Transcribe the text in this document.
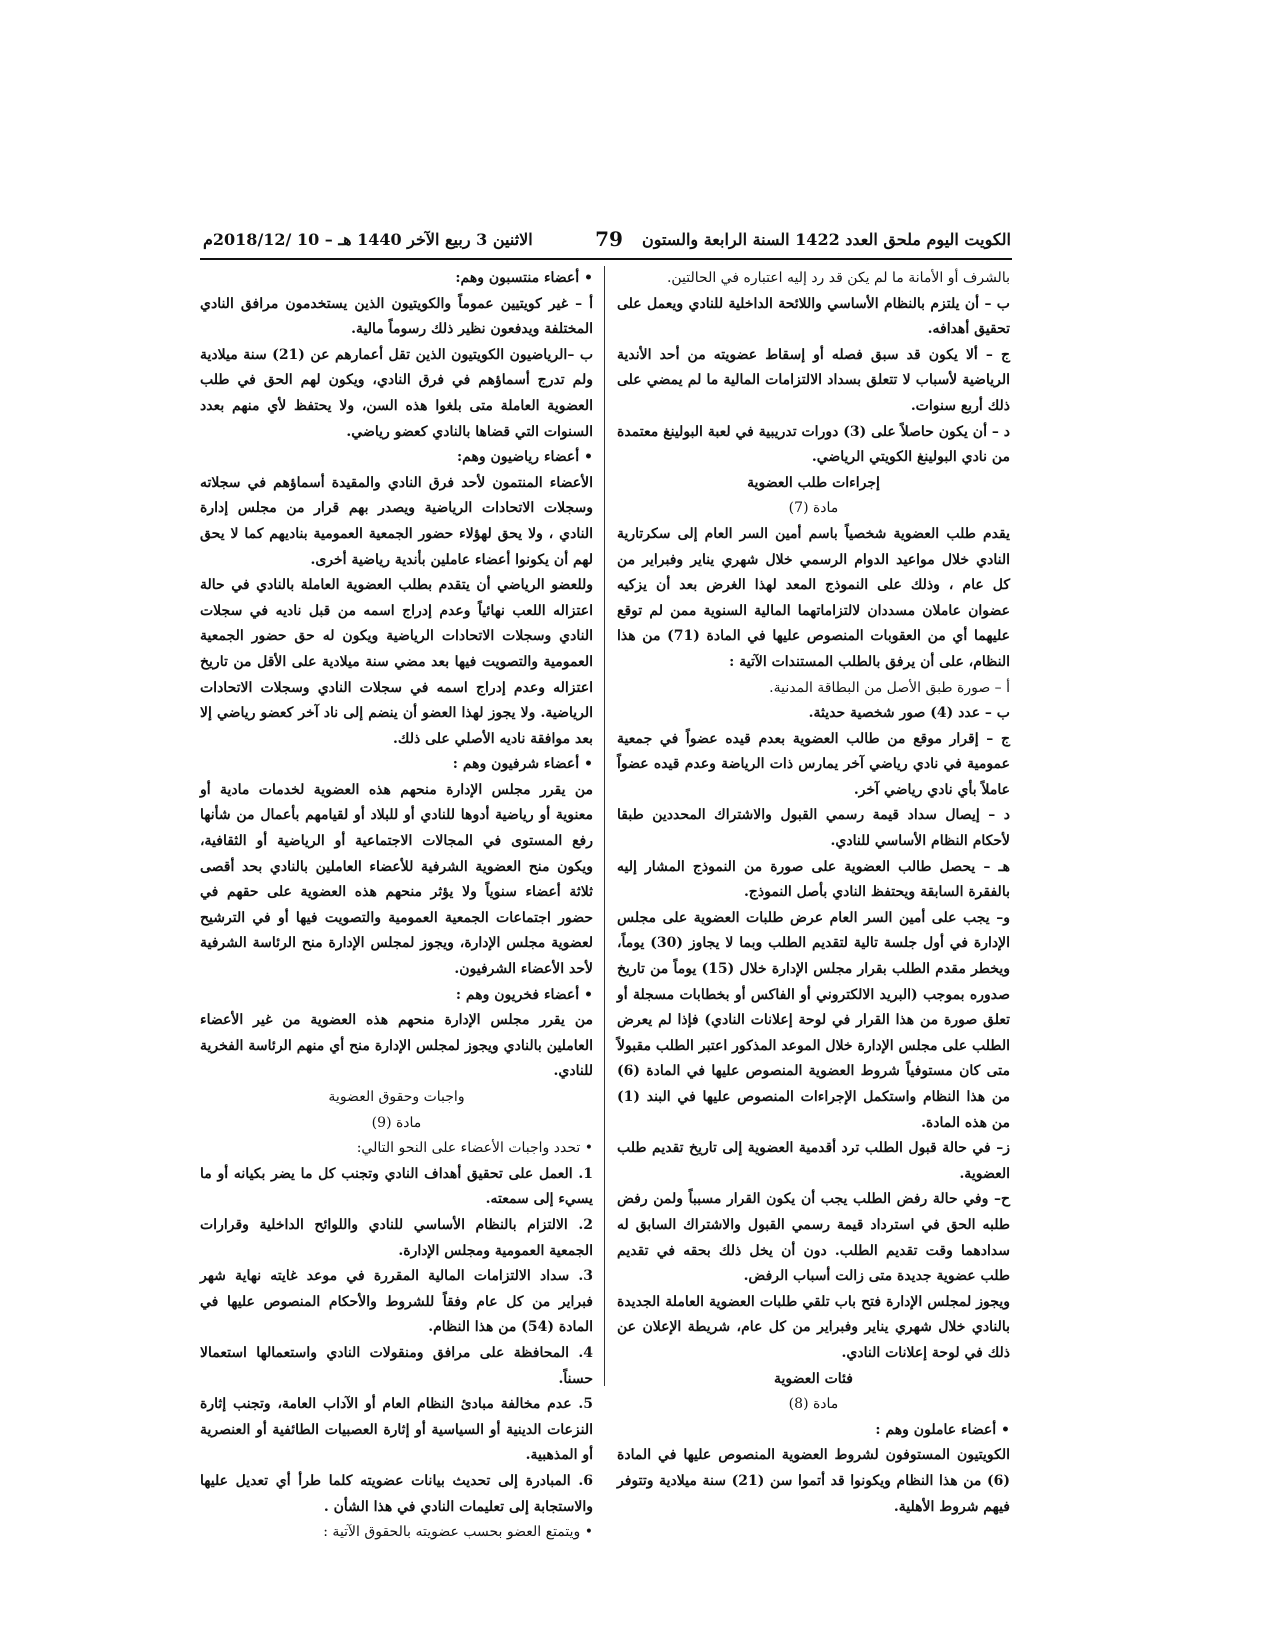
الكويت اليوم ملحق العدد 1422 السنة الرابعة والستون
79
الاثنين 3 ربيع الآخر 1440 هـ – 10 /2018/12م

بالشرف أو الأمانة ما لم يكن قد رد إليه اعتباره في الحالتين.

ب – أن يلتزم بالنظام الأساسي واللائحة الداخلية للنادي ويعمل على تحقيق أهدافه.

ج – ألا يكون قد سبق فصله أو إسقاط عضويته من أحد الأندية الرياضية لأسباب لا تتعلق بسداد الالتزامات المالية ما لم يمضي على ذلك أربع سنوات.

د – أن يكون حاصلاً على (3) دورات تدريبية في لعبة البولينغ معتمدة من نادي البولينغ الكويتي الرياضي.

إجراءات طلب العضوية

مادة (7)

يقدم طلب العضوية شخصياً باسم أمين السر العام إلى سكرتارية النادي خلال مواعيد الدوام الرسمي خلال شهري يناير وفبراير من كل عام ، وذلك على النموذج المعد لهذا الغرض بعد أن يزكيه عضوان عاملان مسددان لالتزاماتهما المالية السنوية ممن لم توقع عليهما أي من العقوبات المنصوص عليها في المادة (71) من هذا النظام، على أن يرفق بالطلب المستندات الآتية :

أ – صورة طبق الأصل من البطاقة المدنية.

ب – عدد (4) صور شخصية حديثة.

ج – إقرار موقع من طالب العضوية بعدم قيده عضواً في جمعية عمومية في نادي رياضي آخر يمارس ذات الرياضة وعدم قيده عضواً عاملاً بأي نادي رياضي آخر.

د – إيصال سداد قيمة رسمي القبول والاشتراك المحددين طبقا لأحكام النظام الأساسي للنادي.

هـ – يحصل طالب العضوية على صورة من النموذج المشار إليه بالفقرة السابقة ويحتفظ النادي بأصل النموذج.

و– يجب على أمين السر العام عرض طلبات العضوية على مجلس الإدارة في أول جلسة تالية لتقديم الطلب وبما لا يجاوز (30) يوماً، ويخطر مقدم الطلب بقرار مجلس الإدارة خلال (15) يوماً من تاريخ صدوره بموجب (البريد الالكتروني أو الفاكس أو بخطابات مسجلة أو تعلق صورة من هذا القرار في لوحة إعلانات النادي) فإذا لم يعرض الطلب على مجلس الإدارة خلال الموعد المذكور اعتبر الطلب مقبولاً متى كان مستوفياً شروط العضوية المنصوص عليها في المادة (6) من هذا النظام واستكمل الإجراءات المنصوص عليها في البند (1) من هذه المادة.

ز– في حالة قبول الطلب ترد أقدمية العضوية إلى تاريخ تقديم طلب العضوية.

ح– وفي حالة رفض الطلب يجب أن يكون القرار مسبباً ولمن رفض طلبه الحق في استرداد قيمة رسمي القبول والاشتراك السابق له سدادهما وقت تقديم الطلب. دون أن يخل ذلك بحقه في تقديم طلب عضوية جديدة متى زالت أسباب الرفض.

ويجوز لمجلس الإدارة فتح باب تلقي طلبات العضوية العاملة الجديدة بالنادي خلال شهري يناير وفبراير من كل عام، شريطة الإعلان عن ذلك في لوحة إعلانات النادي.

فئات العضوية

مادة (8)

• أعضاء عاملون وهم :

الكويتيون المستوفون لشروط العضوية المنصوص عليها في المادة (6) من هذا النظام ويكونوا قد أتموا سن (21) سنة ميلادية وتتوفر فيهم شروط الأهلية.

• أعضاء منتسبون وهم:

أ – غير كويتيين عموماً والكويتيون الذين يستخدمون مرافق النادي المختلفة ويدفعون نظير ذلك رسوماً مالية.

ب –الرياضيون الكويتيون الذين تقل أعمارهم عن (21) سنة ميلادية ولم تدرج أسماؤهم في فرق النادي، ويكون لهم الحق في طلب العضوية العاملة متى بلغوا هذه السن، ولا يحتفظ لأي منهم بعدد السنوات التي قضاها بالنادي كعضو رياضي.

• أعضاء رياضيون وهم:

الأعضاء المنتمون لأحد فرق النادي والمقيدة أسماؤهم في سجلاته وسجلات الاتحادات الرياضية ويصدر بهم قرار من مجلس إدارة النادي ، ولا يحق لهؤلاء حضور الجمعية العمومية بناديهم كما لا يحق لهم أن يكونوا أعضاء عاملين بأندية رياضية أخرى.

وللعضو الرياضي أن يتقدم بطلب العضوية العاملة بالنادي في حالة اعتزاله اللعب نهائياً وعدم إدراج اسمه من قبل ناديه في سجلات النادي وسجلات الاتحادات الرياضية ويكون له حق حضور الجمعية العمومية والتصويت فيها بعد مضي سنة ميلادية على الأقل من تاريخ اعتزاله وعدم إدراج اسمه في سجلات النادي وسجلات الاتحادات الرياضية. ولا يجوز لهذا العضو أن ينضم إلى ناد آخر كعضو رياضي إلا بعد موافقة ناديه الأصلي على ذلك.

• أعضاء شرفيون وهم :

من يقرر مجلس الإدارة منحهم هذه العضوية لخدمات مادية أو معنوية أو رياضية أدوها للنادي أو للبلاد أو لقيامهم بأعمال من شأنها رفع المستوى في المجالات الاجتماعية أو الرياضية أو الثقافية، ويكون منح العضوية الشرفية للأعضاء العاملين بالنادي بحد أقصى ثلاثة أعضاء سنوياً ولا يؤثر منحهم هذه العضوية على حقهم في حضور اجتماعات الجمعية العمومية والتصويت فيها أو في الترشيح لعضوية مجلس الإدارة، ويجوز لمجلس الإدارة منح الرئاسة الشرفية لأحد الأعضاء الشرفيون.

• أعضاء فخريون وهم :

من يقرر مجلس الإدارة منحهم هذه العضوية من غير الأعضاء العاملين بالنادي ويجوز لمجلس الإدارة منح أي منهم الرئاسة الفخرية للنادي.

واجبات وحقوق العضوية

مادة (9)

• تحدد واجبات الأعضاء على النحو التالي:

1. العمل على تحقيق أهداف النادي وتجنب كل ما يضر بكيانه أو ما يسيء إلى سمعته.

2. الالتزام بالنظام الأساسي للنادي واللوائح الداخلية وقرارات الجمعية العمومية ومجلس الإدارة.

3. سداد الالتزامات المالية المقررة في موعد غايته نهاية شهر فبراير من كل عام وفقاً للشروط والأحكام المنصوص عليها في المادة (54) من هذا النظام.

4. المحافظة على مرافق ومنقولات النادي واستعمالها استعمالا حسناً.

5. عدم مخالفة مبادئ النظام العام أو الآداب العامة، وتجنب إثارة النزعات الدينية أو السياسية أو إثارة العصبيات الطائفية أو العنصرية أو المذهبية.

6. المبادرة إلى تحديث بيانات عضويته كلما طرأ أي تعديل عليها والاستجابة إلى تعليمات النادي في هذا الشأن .

• ويتمتع العضو بحسب عضويته بالحقوق الآتية :
